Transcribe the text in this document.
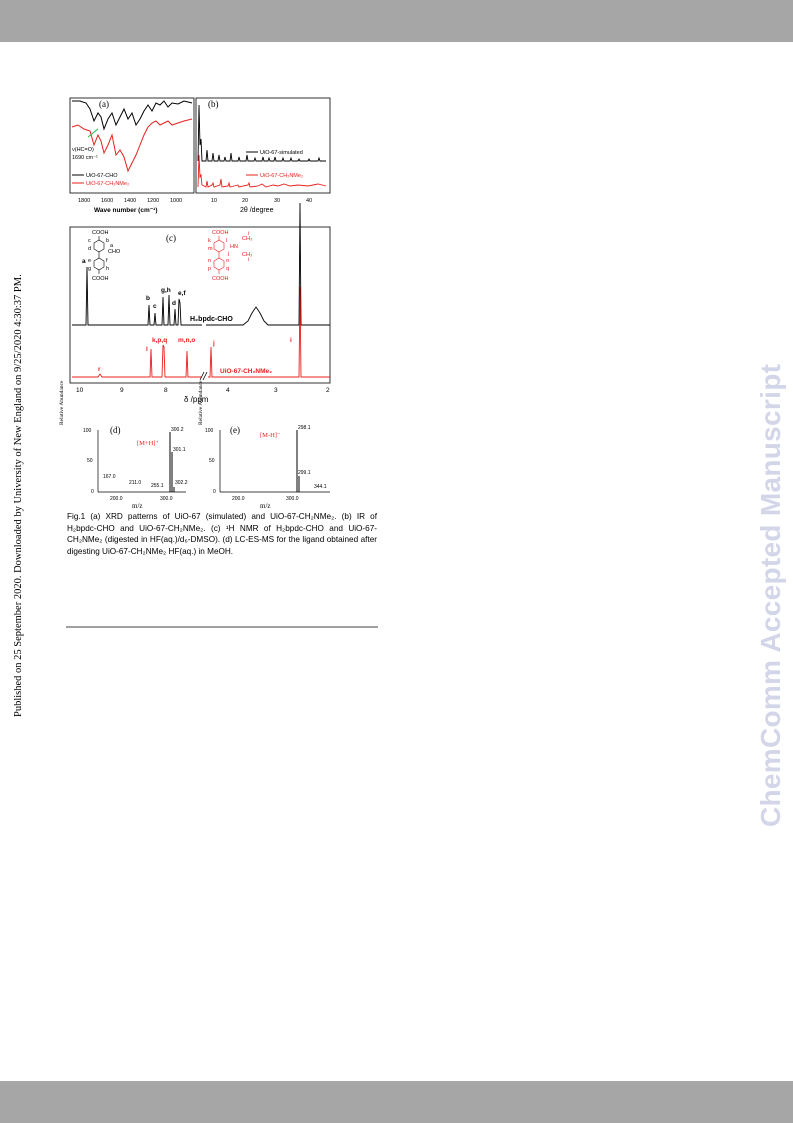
Published on 25 September 2020. Downloaded by University of New England on 9/25/2020 4:30:37 PM.	ChemComm Accepted Manuscript
(a)
ν(HC=O)
1690 cm⁻¹
UiO-67-CHO
UiO-67-CH₂NMe₂
1800 1600 1400 1200 1000
Wave number (cm⁻¹)
(b)
UiO-67-simulated
UiO-67-CH₂NMe₂
10	20	30	40
2θ /degree
(c)
COOH
COOH
CHO
c	b
a
d
e	f
g	h
COOH
COOH
CH₃
HN
CH₃
k
m
l
j
n	o
p	q
i
i
a
b
c
g,h
d
e,f
H₂bpdc-CHO
r
l
k,p,q m,n,o	j	i
UiO-67-CH₂NMe₂
10	9	8	4	3	2
δ /ppm
Relative Abundance
100
50
0
(d)
[M+H]⁺
300.2
301.1
302.2
167.0
211.0 255.1
200.0	300.0
m/z
Relative Abundance
100
50
0
(e)
[M-H]⁻
298.1
299.1
344.1
200.0	300.0
m/z
Fig.1 (a) XRD patterns of UiO-67 (simulated) and UiO-67-CH₂NMe₂. (b) IR of H₂bpdc-CHO and UiO-67-CH₂NMe₂. (c) ¹H NMR of H₂bpdc-CHO and UiO-67-CH₂NMe₂ (digested in HF(aq.)/d₆-DMSO). (d) LC-ES-MS for the ligand obtained after digesting UiO-67-CH₂NMe₂ HF(aq.) in MeOH.
